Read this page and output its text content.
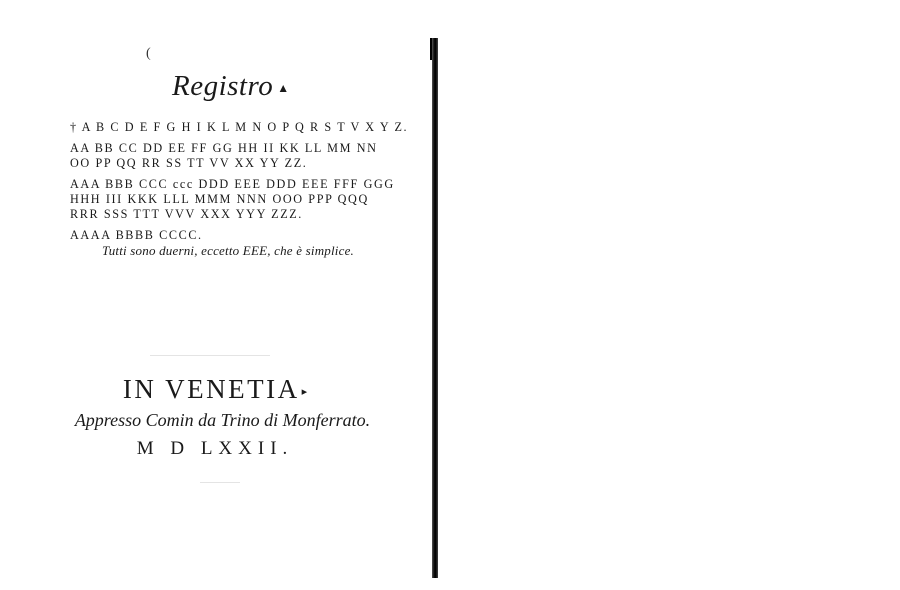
(
Registro ▲
† A B C D E F G H I K L M N O P Q R S T V X Y Z.
AA BB CC DD EE FF GG HH II KK LL MM NN
OO PP QQ RR SS TT VV XX YY ZZ.
AAA BBB CCC ccc DDD EEE DDD EEE FFF GGG
HHH III KKK LLL MMM NNN OOO PPP QQQ
RRR SSS TTT VVV XXX YYY ZZZ.
AAAA BBBB CCCC.
Tutti sono duerni, eccetto EEE, che è simplice.
IN VENETIA ▸
Appresso Comin da Trino di Monferrato.
M D LXXII.
